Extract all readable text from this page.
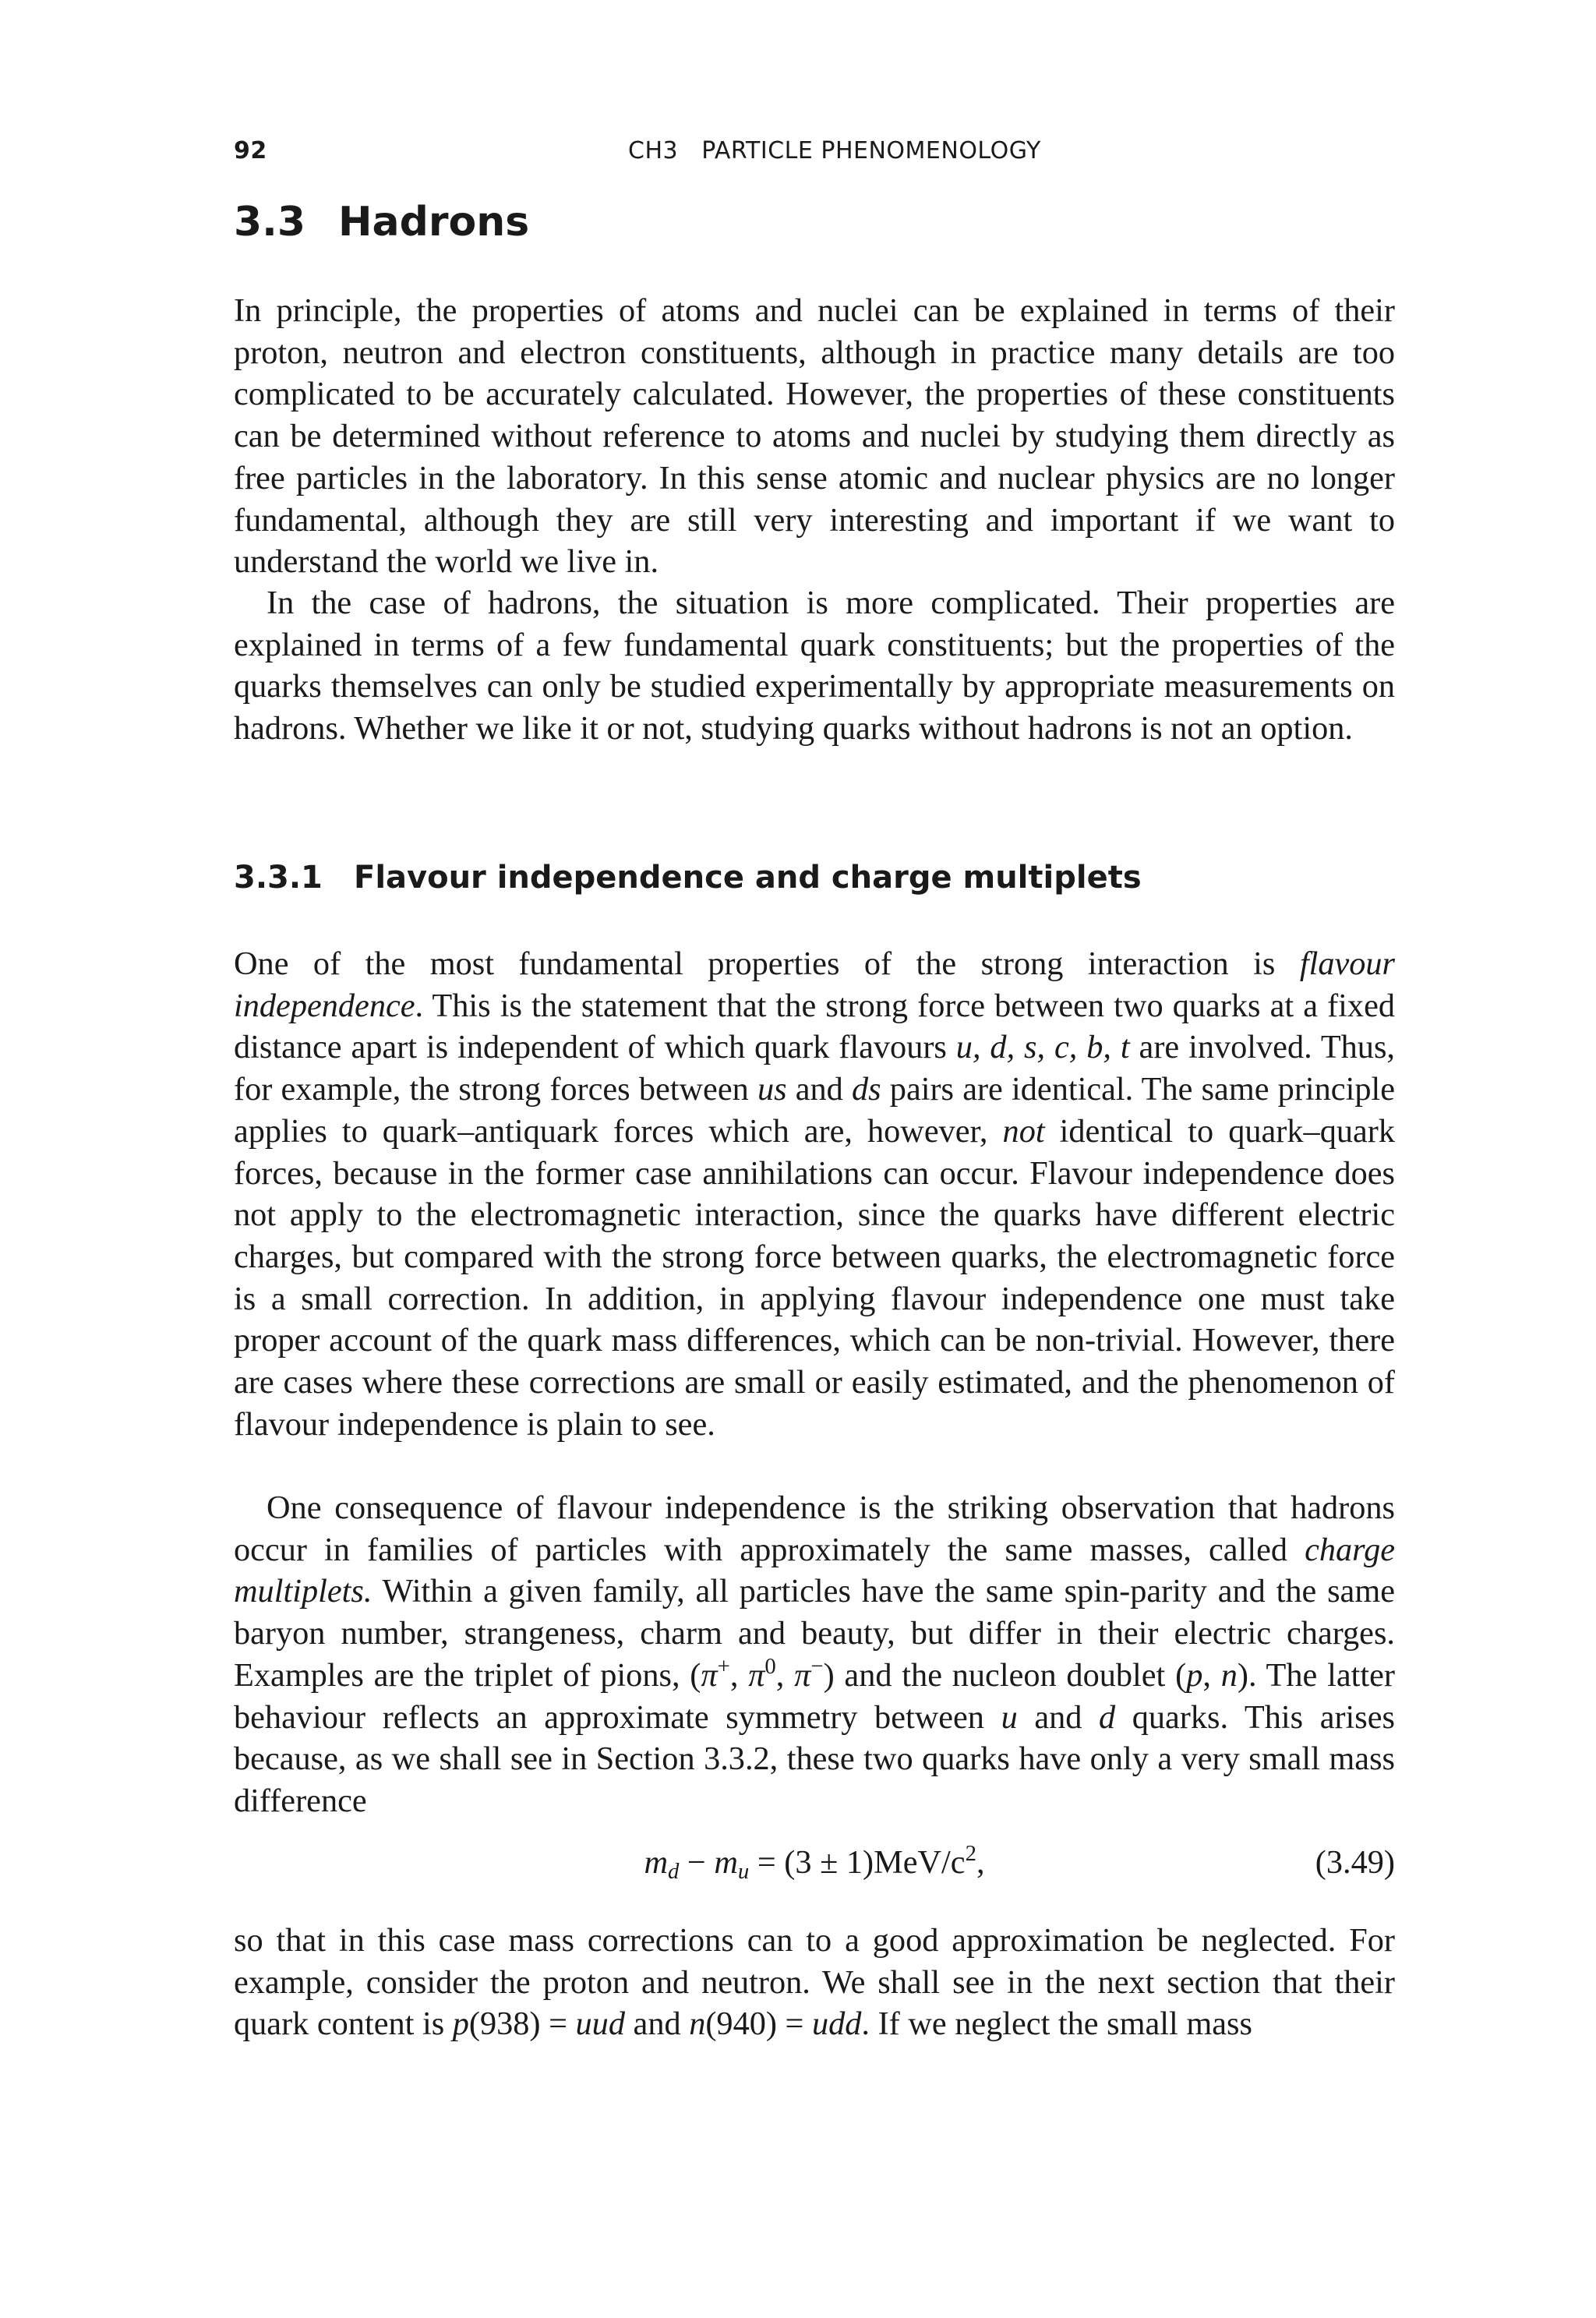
92	CH3   PARTICLE PHENOMENOLOGY
3.3 Hadrons

In principle, the properties of atoms and nuclei can be explained in terms of their proton, neutron and electron constituents, although in practice many details are too complicated to be accurately calculated. However, the properties of these constituents can be determined without reference to atoms and nuclei by studying them directly as free particles in the laboratory. In this sense atomic and nuclear physics are no longer fundamental, although they are still very interesting and important if we want to understand the world we live in.

In the case of hadrons, the situation is more complicated. Their properties are explained in terms of a few fundamental quark constituents; but the properties of the quarks themselves can only be studied experimentally by appropriate measurements on hadrons. Whether we like it or not, studying quarks without hadrons is not an option.

3.3.1 Flavour independence and charge multiplets

One of the most fundamental properties of the strong interaction is flavour independence. This is the statement that the strong force between two quarks at a fixed distance apart is independent of which quark flavours u, d, s, c, b, t are involved. Thus, for example, the strong forces between us and ds pairs are identical. The same principle applies to quark–antiquark forces which are, however, not identical to quark–quark forces, because in the former case annihilations can occur. Flavour independence does not apply to the electromagnetic interaction, since the quarks have different electric charges, but compared with the strong force between quarks, the electromagnetic force is a small correction. In addition, in applying flavour independence one must take proper account of the quark mass differences, which can be non-trivial. However, there are cases where these corrections are small or easily estimated, and the phenomenon of flavour independence is plain to see.

One consequence of flavour independence is the striking observation that hadrons occur in families of particles with approximately the same masses, called charge multiplets. Within a given family, all particles have the same spin-parity and the same baryon number, strangeness, charm and beauty, but differ in their electric charges. Examples are the triplet of pions, (π+, $\pi^0$, π−) and the nucleon doublet (p, n). The latter behaviour reflects an approximate symmetry between u and d quarks. This arises because, as we shall see in Section 3.3.2, these two quarks have only a very small mass difference

$m_d - m_u = (3 \pm 1)MeV/c^2$,	(3.49)

so that in this case mass corrections can to a good approximation be neglected. For example, consider the proton and neutron. We shall see in the next section that their quark content is p(938) = uud and n(940) = udd. If we neglect the small mass
